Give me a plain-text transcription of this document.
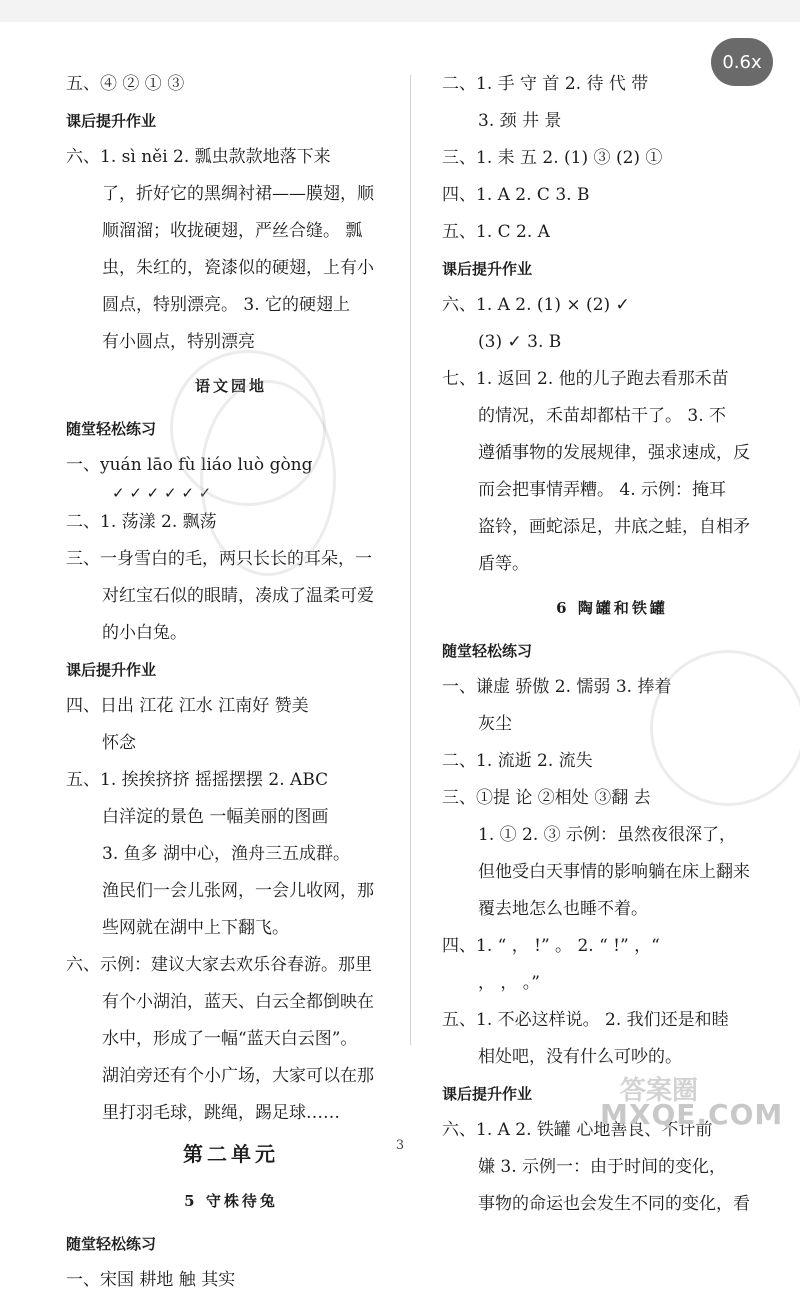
0.6x
五、④ ② ① ③
课后提升作业
六、1. sì něi 2. 瓢虫款款地落下来
了，折好它的黑绸衬裙——膜翅，顺
顺溜溜；收拢硬翅，严丝合缝。 瓢
虫，朱红的，瓷漆似的硬翅，上有小
圆点，特别漂亮。 3. 它的硬翅上
有小圆点，特别漂亮
语文园地
随堂轻松练习
一、yuán lāo fù liáo luò gòng
✓ ✓ ✓ ✓ ✓ ✓
二、1. 荡漾 2. 飘荡
三、一身雪白的毛，两只长长的耳朵，一
对红宝石似的眼睛，凑成了温柔可爱
的小白兔。
课后提升作业
四、日出 江花 江水 江南好 赞美
怀念
五、1. 挨挨挤挤 摇摇摆摆 2. ABC
白洋淀的景色 一幅美丽的图画
3. 鱼多 湖中心，渔舟三五成群。
渔民们一会儿张网，一会儿收网，那
些网就在湖中上下翻飞。
六、示例：建议大家去欢乐谷春游。那里
有个小湖泊，蓝天、白云全都倒映在
水中，形成了一幅“蓝天白云图”。
湖泊旁还有个小广场，大家可以在那
里打羽毛球，跳绳，踢足球……
第二单元
5 守株待兔
随堂轻松练习
一、宋国 耕地 触 其实
二、1. 手 守 首 2. 待 代 带
3. 颈 井 景
三、1. 耒 五 2. (1) ③ (2) ①
四、1. A 2. C 3. B
五、1. C 2. A
课后提升作业
六、1. A 2. (1) × (2) ✓
(3) ✓ 3. B
七、1. 返回 2. 他的儿子跑去看那禾苗
的情况，禾苗却都枯干了。 3. 不
遵循事物的发展规律，强求速成，反
而会把事情弄糟。 4. 示例：掩耳
盗铃，画蛇添足，井底之蛙，自相矛
盾等。
6 陶罐和铁罐
随堂轻松练习
一、谦虚 骄傲 2. 懦弱 3. 捧着
灰尘
二、1. 流逝 2. 流失
三、①提 论 ②相处 ③翻 去
1. ① 2. ③ 示例：虽然夜很深了，
但他受白天事情的影响躺在床上翻来
覆去地怎么也睡不着。
四、1. “ ， !” 。 2. “ !” ，“
， ， 。”
五、1. 不必这样说。 2. 我们还是和睦
相处吧，没有什么可吵的。
课后提升作业
六、1. A 2. 铁罐 心地善良、不计前
嫌 3. 示例一：由于时间的变化，
事物的命运也会发生不同的变化，看
答案圈
MXQE.COM
3
